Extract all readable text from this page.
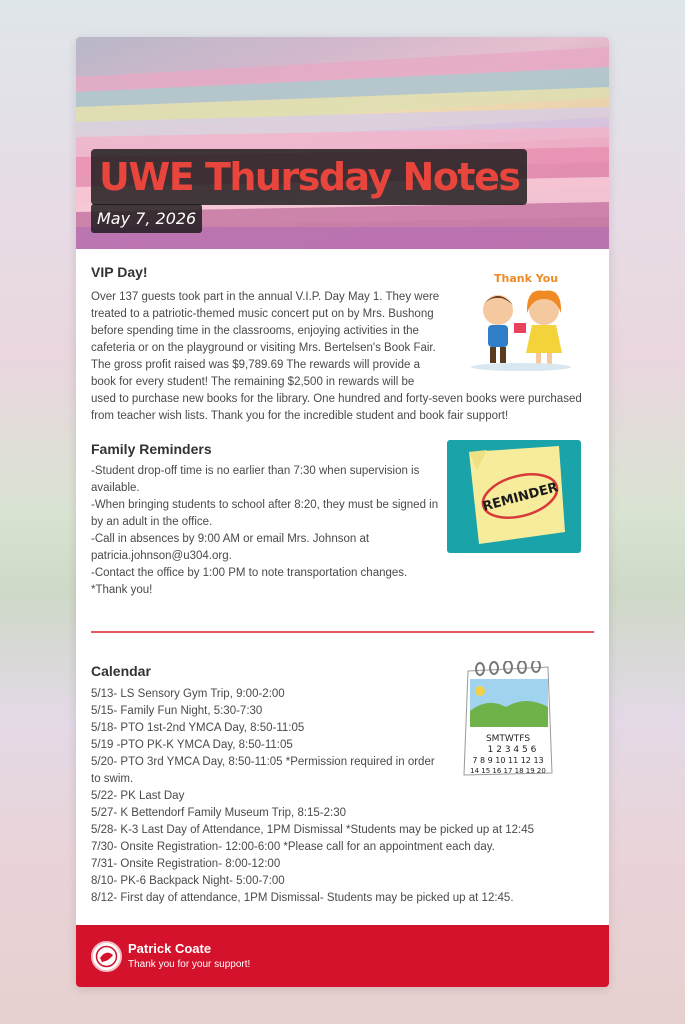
UWE Thursday Notes
May 7, 2026
VIP Day!

Over 137 guests took part in the annual V.I.P. Day May 1. They were

treated to a patriotic-themed music concert put on by Mrs. Bushong

before spending time in the classrooms, enjoying activities in the

cafeteria or on the playground or visiting Mrs. Bertelsen's Book Fair.

The gross profit raised was $9,789.69 The rewards will provide a

book for every student! The remaining $2,500 in rewards will be

used to purchase new books for the library. One hundred and forty-seven books were purchased

from teacher wish lists. Thank you for the incredible student and book fair support!

Thank You
Family Reminders

-Student drop-off time is no earlier than 7:30 when supervision is

available.

-When bringing students to school after 8:20, they must be signed in

by an adult in the office.

-Call in absences by 9:00 AM or email Mrs. Johnson at

patricia.johnson@u304.org.

-Contact the office by 1:00 PM to note transportation changes.

*Thank you!

REMINDER
Calendar

5/13- LS Sensory Gym Trip, 9:00-2:00

5/15- Family Fun Night, 5:30-7:30

5/18- PTO 1st-2nd YMCA Day, 8:50-11:05

5/19 -PTO PK-K YMCA Day, 8:50-11:05

5/20- PTO 3rd YMCA Day, 8:50-11:05 *Permission required in order

to swim.

5/22- PK Last Day

5/27- K Bettendorf Family Museum Trip, 8:15-2:30

5/28- K-3 Last Day of Attendance, 1PM Dismissal *Students may be picked up at 12:45

7/30- Onsite Registration- 12:00-6:00 *Please call for an appointment each day.

7/31- Onsite Registration- 8:00-12:00

8/10- PK-6 Backpack Night- 5:00-7:00

8/12- First day of attendance, 1PM Dismissal- Students may be picked up at 12:45.

SMTWTFS
1 2 3 4 5 6
7 8 9 10 11 12 13
14 15 16 17 18 19 20
Patrick Coate
Thank you for your support!
